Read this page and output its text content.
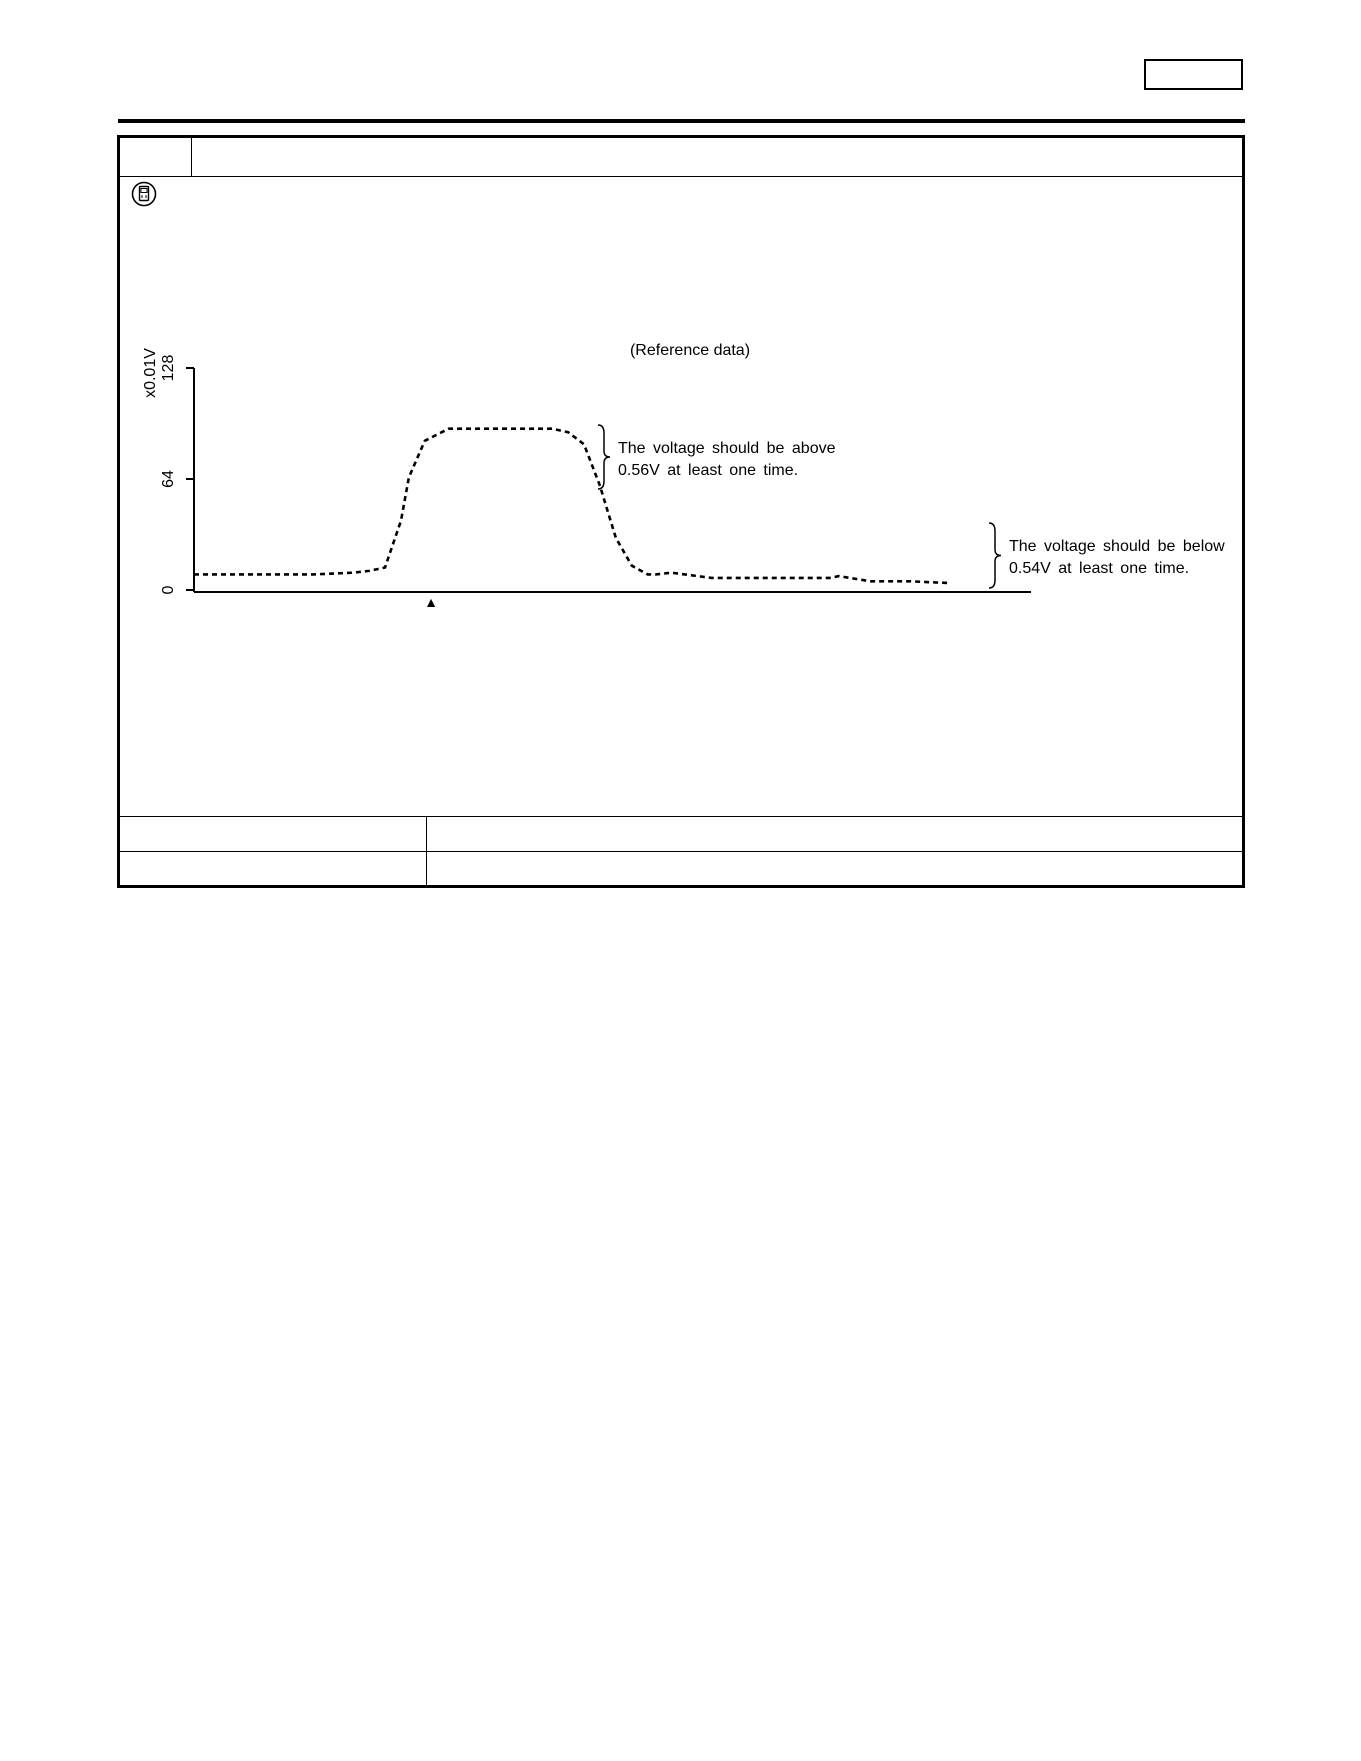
(Reference data)
x0.01V
0
64
128
▲
The voltage should be above
0.56V at least one time.
The voltage should be below
0.54V at least one time.
